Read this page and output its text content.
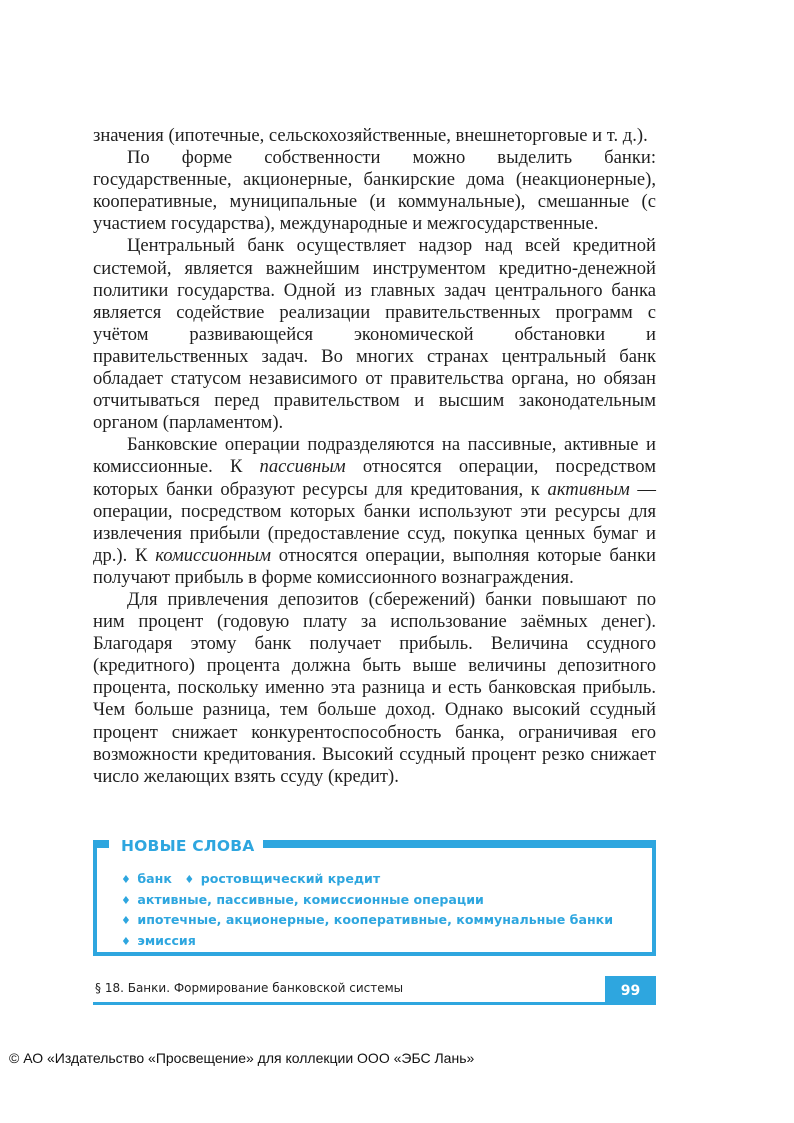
значения (ипотечные, сельскохозяйственные, внешнеторговые и т. д.).

По форме собственности можно выделить банки: государственные, акционерные, банкирские дома (неакционерные), кооперативные, муниципальные (и коммунальные), смешанные (с участием государства), международные и межгосударственные.

Центральный банк осуществляет надзор над всей кредитной системой, является важнейшим инструментом кредитно-денежной политики государства. Одной из главных задач центрального банка является содействие реализации правительственных программ с учётом развивающейся экономической обстановки и правительственных задач. Во многих странах центральный банк обладает статусом независимого от правительства органа, но обязан отчитываться перед правительством и высшим законодательным органом (парламентом).

Банковские операции подразделяются на пассивные, активные и комиссионные. К пассивным относятся операции, посредством которых банки образуют ресурсы для кредитования, к активным — операции, посредством которых банки используют эти ресурсы для извлечения прибыли (предоставление ссуд, покупка ценных бумаг и др.). К комиссионным относятся операции, выполняя которые банки получают прибыль в форме комиссионного вознаграждения.

Для привлечения депозитов (сбережений) банки повышают по ним процент (годовую плату за использование заёмных денег). Благодаря этому банк получает прибыль. Величина ссудного (кредитного) процента должна быть выше величины депозитного процента, поскольку именно эта разница и есть банковская прибыль. Чем больше разница, тем больше доход. Однако высокий ссудный процент снижает конкурентоспособность банка, ограничивая его возможности кредитования. Высокий ссудный процент резко снижает число желающих взять ссуду (кредит).

НОВЫЕ СЛОВА
♦ банк ♦ ростовщический кредит
♦ активные, пассивные, комиссионные операции
♦ ипотечные, акционерные, кооперативные, коммунальные банки
♦ эмиссия
§ 18. Банки. Формирование банковской системы	99
© АО «Издательство «Просвещение» для коллекции ООО «ЭБС Лань»
